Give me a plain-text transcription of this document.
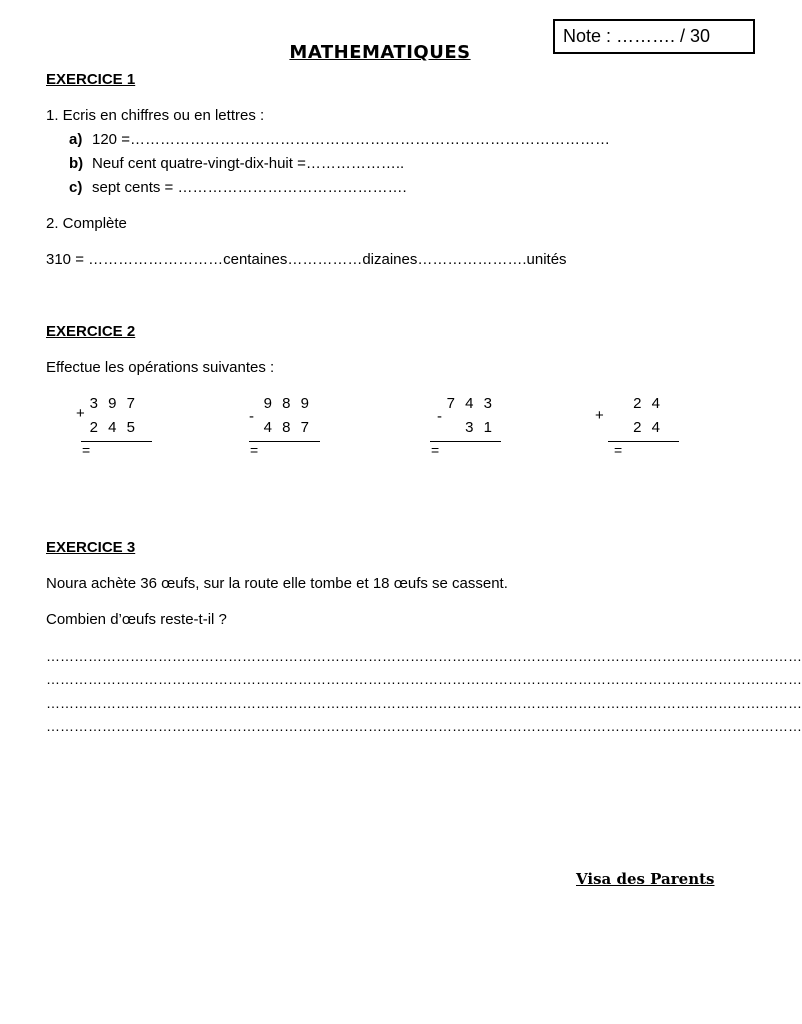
Note : ………. / 30
MATHEMATIQUES
EXERCICE 1
1. Ecris en chiffres ou en lettres :
a) 120 =……………………………………………………………………………………
b) Neuf cent quatre-vingt-dix-huit =………………..
c) sept cents = ……………………………………….
2. Complète
310 = ………………………centaines……………dizaines………………….unités
EXERCICE 2
Effectue les opérations suivantes :
+
3 9 7
2 4 5
=
-
9 8 9
4 8 7
=
-
7 4 3
3 1
=
+
2 4
2 4
=
EXERCICE 3
Noura achète 36 œufs, sur la route elle tombe et 18 œufs se cassent.
Combien d’œufs reste-t-il ?
………………………………………………………………………………………………………………………………………………
………………………………………………………………………………………………………………………………………………
………………………………………………………………………………………………………………………………………………
………………………………………………………………………………………………………………………………………………
Visa des Parents
